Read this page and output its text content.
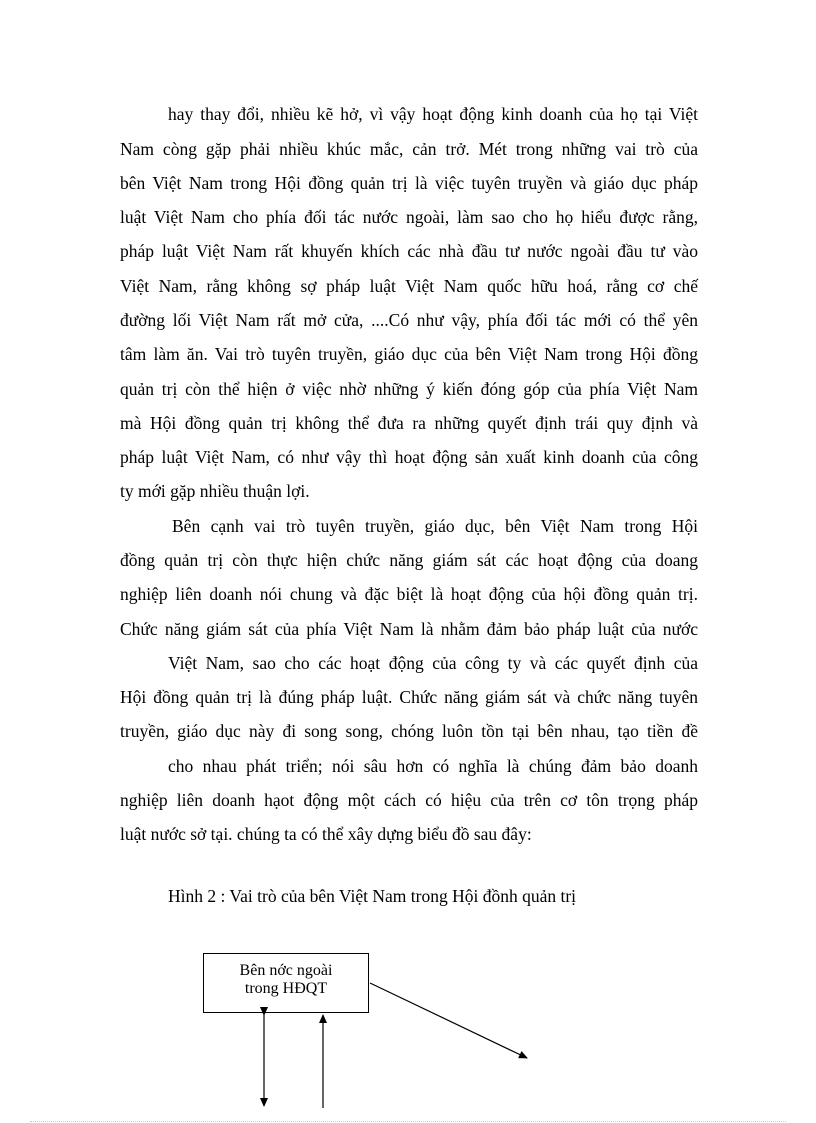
hay thay đổi, nhiều kẽ hở, vì vậy hoạt động kinh doanh của họ tại Việt
Nam còng gặp phải nhiều khúc mắc, cản trở. Mét trong những vai trò của
bên Việt Nam trong Hội đồng quản trị là việc tuyên truyền và giáo dục pháp
luật Việt Nam cho phía đối tác nước ngoài, làm sao cho họ hiểu được rằng,
pháp luật Việt Nam rất khuyến khích các nhà đầu tư nước ngoài đầu tư vào
Việt Nam, rằng không sợ pháp luật Việt Nam quốc hữu hoá, rằng cơ chế
đường lối Việt Nam rất mở cửa, ....Có như vậy, phía đối tác mới có thể yên
tâm làm ăn. Vai trò tuyên truyền, giáo dục của bên Việt Nam trong Hội đồng
quản trị còn thể hiện ở việc nhờ những ý kiến đóng góp của phía Việt Nam
mà Hội đồng quản trị không thể đưa ra những quyết định trái quy định và
pháp luật Việt Nam, có như vậy thì hoạt động sản xuất kinh doanh của công
ty mới gặp nhiều thuận lợi.
Bên cạnh vai trò tuyên truyền, giáo dục, bên Việt Nam trong Hội
đồng quản trị còn thực hiện chức năng giám sát các hoạt động của doang
nghiệp liên doanh nói chung và đặc biệt là hoạt động của hội đồng quản trị.
Chức năng giám sát của phía Việt Nam là nhằm đảm bảo pháp luật của nước
Việt Nam, sao cho các hoạt động của công ty và các quyết định của
Hội đồng quản trị là đúng pháp luật. Chức năng giám sát và chức năng tuyên
truyền, giáo dục này đi song song, chóng luôn tồn tại bên nhau, tạo tiền đề
cho nhau phát triển; nói sâu hơn có nghĩa là chúng đảm bảo doanh
nghiệp liên doanh hạot động một cách có hiệu của trên cơ tôn trọng pháp
luật nước sở tại. chúng ta có thể xây dựng biểu đồ sau đây:
Hình 2 : Vai trò của bên Việt Nam trong Hội đồnh quản trị
Bên nớc ngoài
trong HĐQT
